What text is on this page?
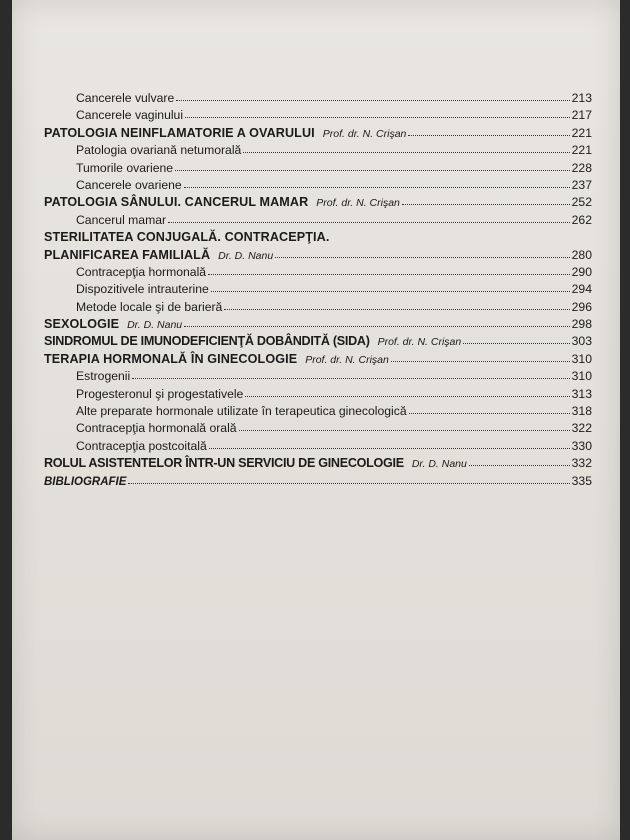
Cancerele vulvare	213
Cancerele vaginului	217
PATOLOGIA NEINFLAMATORIE A OVARULUI Prof. dr. N. Crişan	221
Patologia ovariană netumorală	221
Tumorile ovariene	228
Cancerele ovariene	237
PATOLOGIA SÂNULUI. CANCERUL MAMAR Prof. dr. N. Crişan	252
Cancerul mamar	262
STERILITATEA CONJUGALĂ. CONTRACEPŢIA.
PLANIFICAREA FAMILIALĂ Dr. D. Nanu	280
Contracepţia hormonală	290
Dispozitivele intrauterine	294
Metode locale şi de barieră	296
SEXOLOGIE Dr. D. Nanu	298
SINDROMUL DE IMUNODEFICIENŢĂ DOBÂNDITĂ (SIDA) Prof. dr. N. Crişan	303
TERAPIA HORMONALĂ ÎN GINECOLOGIE Prof. dr. N. Crişan	310
Estrogenii	310
Progesteronul şi progestativele	313
Alte preparate hormonale utilizate în terapeutica ginecologică	318
Contracepţia hormonală orală	322
Contracepţia postcoitală	330
ROLUL ASISTENTELOR ÎNTR-UN SERVICIU DE GINECOLOGIE Dr. D. Nanu	332
BIBLIOGRAFIE	335
